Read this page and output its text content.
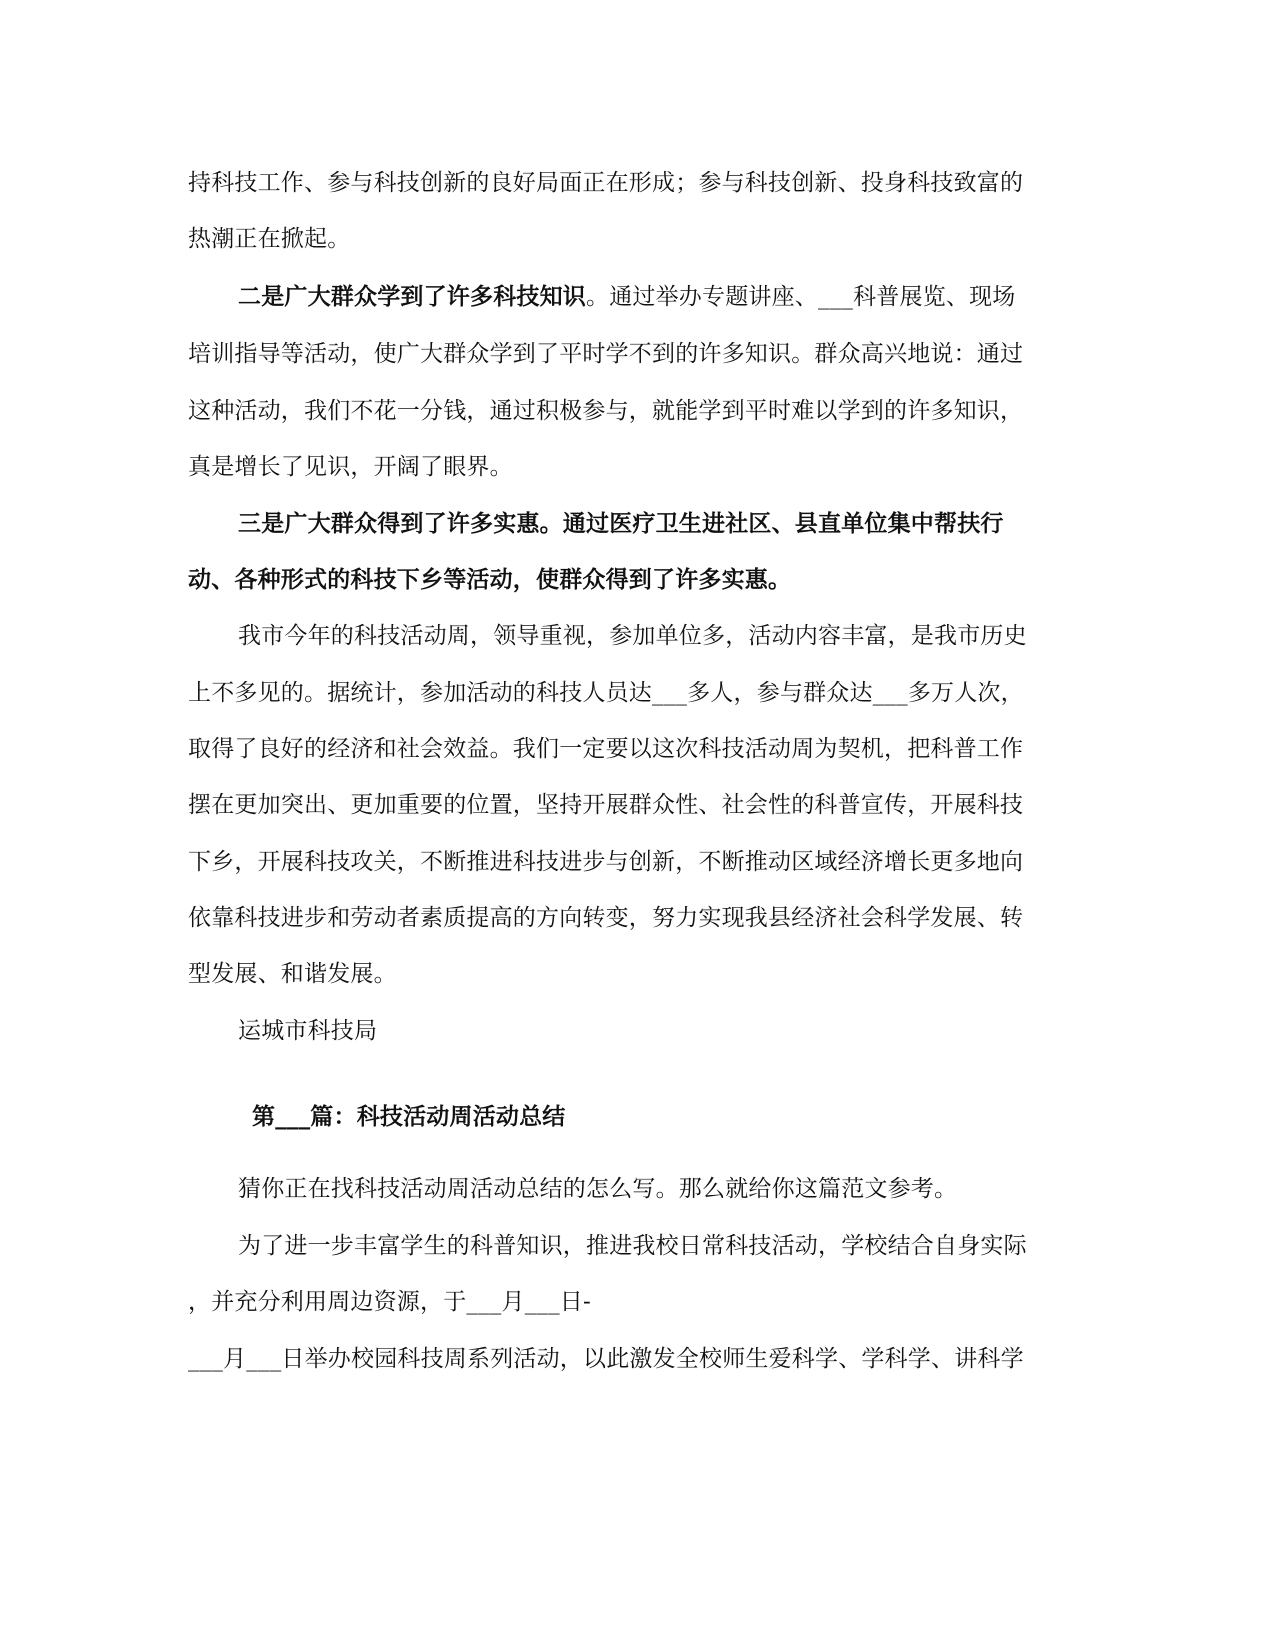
持科技工作、参与科技创新的良好局面正在形成；参与科技创新、投身科技致富的
热潮正在掀起。
二是广大群众学到了许多科技知识。通过举办专题讲座、___科普展览、现场
培训指导等活动，使广大群众学到了平时学不到的许多知识。群众高兴地说：通过
这种活动，我们不花一分钱，通过积极参与，就能学到平时难以学到的许多知识，
真是增长了见识，开阔了眼界。
三是广大群众得到了许多实惠。通过医疗卫生进社区、县直单位集中帮扶行
动、各种形式的科技下乡等活动，使群众得到了许多实惠。
我市今年的科技活动周，领导重视，参加单位多，活动内容丰富，是我市历史
上不多见的。据统计，参加活动的科技人员达___多人，参与群众达___多万人次，
取得了良好的经济和社会效益。我们一定要以这次科技活动周为契机，把科普工作
摆在更加突出、更加重要的位置，坚持开展群众性、社会性的科普宣传，开展科技
下乡，开展科技攻关，不断推进科技进步与创新，不断推动区域经济增长更多地向
依靠科技进步和劳动者素质提高的方向转变，努力实现我县经济社会科学发展、转
型发展、和谐发展。
运城市科技局
第___篇：科技活动周活动总结
猜你正在找科技活动周活动总结的怎么写。那么就给你这篇范文参考。
为了进一步丰富学生的科普知识，推进我校日常科技活动，学校结合自身实际
，并充分利用周边资源，于___月___日-
___月___日举办校园科技周系列活动，以此激发全校师生爱科学、学科学、讲科学
